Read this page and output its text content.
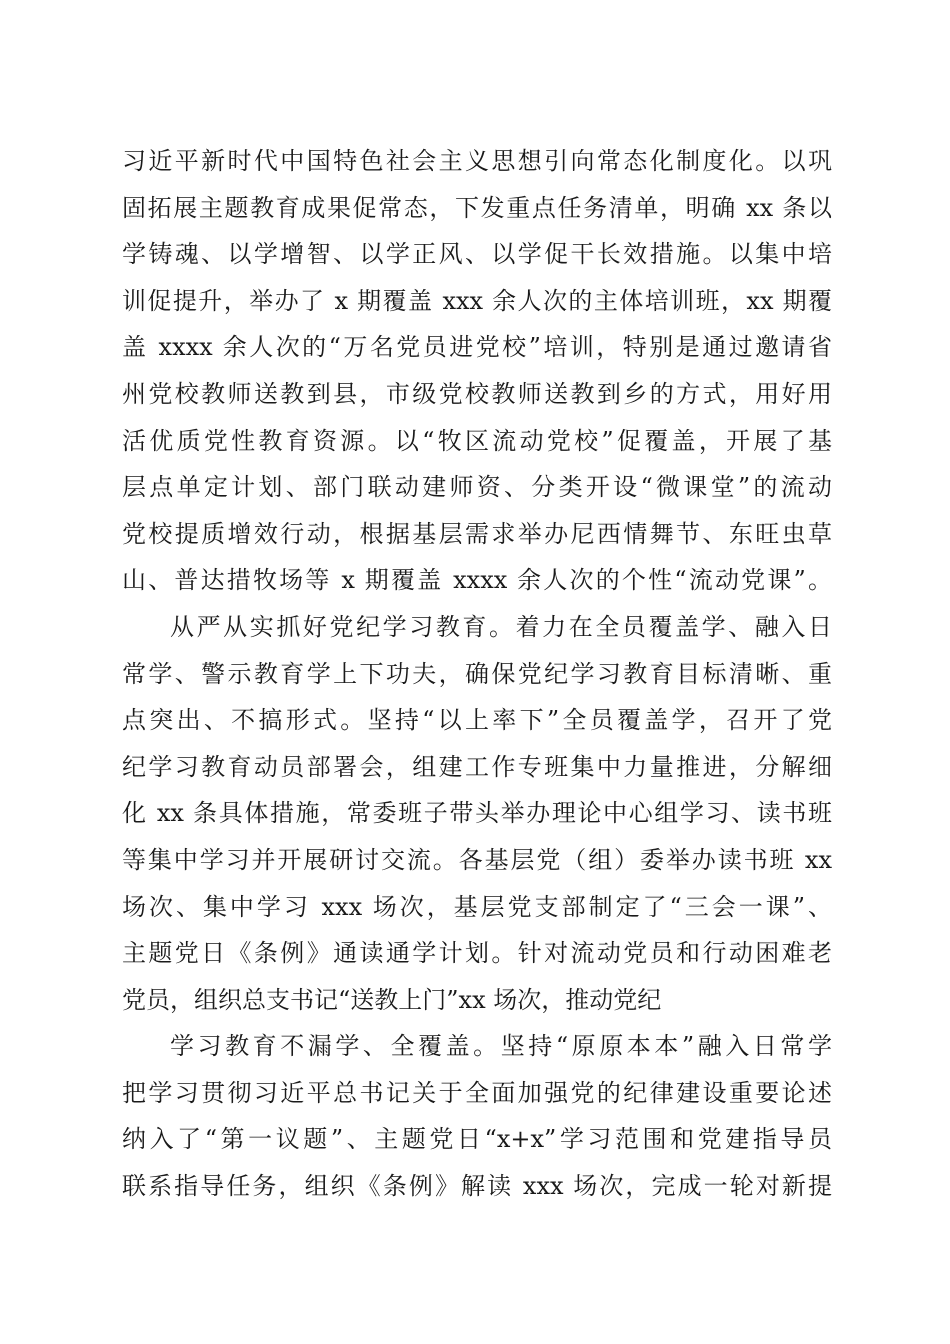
习近平新时代中国特色社会主义思想引向常态化制度化。以巩
固拓展主题教育成果促常态，下发重点任务清单，明确 xx 条以
学铸魂、以学增智、以学正风、以学促干长效措施。以集中培
训促提升，举办了 x 期覆盖 xxx 余人次的主体培训班，xx 期覆
盖 xxxx 余人次的“万名党员进党校”培训，特别是通过邀请省
州党校教师送教到县，市级党校教师送教到乡的方式，用好用
活优质党性教育资源。以“牧区流动党校”促覆盖，开展了基
层点单定计划、部门联动建师资、分类开设“微课堂”的流动
党校提质增效行动，根据基层需求举办尼西情舞节、东旺虫草
山、普达措牧场等 x 期覆盖 xxxx 余人次的个性“流动党课”。
从严从实抓好党纪学习教育。着力在全员覆盖学、融入日
常学、警示教育学上下功夫，确保党纪学习教育目标清晰、重
点突出、不搞形式。坚持“以上率下”全员覆盖学，召开了党
纪学习教育动员部署会，组建工作专班集中力量推进，分解细
化 xx 条具体措施，常委班子带头举办理论中心组学习、读书班
等集中学习并开展研讨交流。各基层党（组）委举办读书班 xx
场次、集中学习 xxx 场次，基层党支部制定了“三会一课”、
主题党日《条例》通读通学计划。针对流动党员和行动困难老
党员，组织总支书记“送教上门”xx 场次，推动党纪
学习教育不漏学、全覆盖。坚持“原原本本”融入日常学
把学习贯彻习近平总书记关于全面加强党的纪律建设重要论述
纳入了“第一议题”、主题党日“x+x”学习范围和党建指导员
联系指导任务，组织《条例》解读 xxx 场次，完成一轮对新提
